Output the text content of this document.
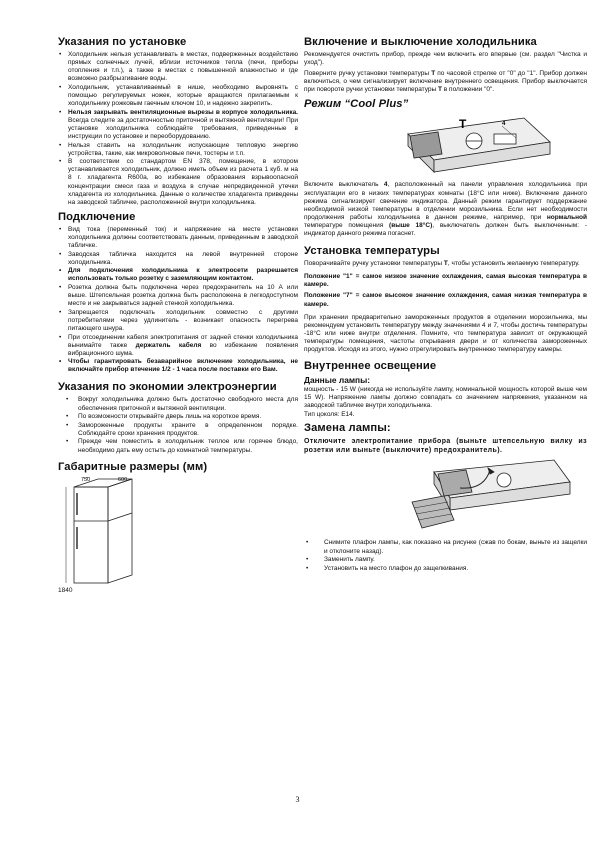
Указания по установке
• Холодильник нельзя устанавливать в местах, подверженных воздействию прямых солнечных лучей, вблизи источников тепла (печи, приборы отопления и т.п.), а также в местах с повышенной влажностью и где возможно разбрызгивание воды.
• Холодильник, устанавливаемый в нише, необходимо выровнять с помощью регулируемых ножек, которые вращаются прилагаемым к холодильнику рожковым гаечным ключом 10, и надежно закрепить.
• Нельзя закрывать вентиляционные вырезы в корпусе холодильника. Всегда следите за достаточностью приточной и вытяжной вентиляции! При установке холодильника соблюдайте требования, приведенные в инструкции по установке и переоборудованию.
• Нельзя ставить на холодильник испускающие тепловую энергию устройства, такие, как микроволновые печи, тостеры и т.п.
• В соответствии со стандартом EN 378, помещение, в котором устанавливается холодильник, должно иметь объем из расчета 1 куб. м на 8 г. хладагента R600a, во избежание образования взрывоопасной концентрации смеси газа и воздуха в случае непредвиденной утечки хладагента из холодильника. Данные о количестве хладагента приведены на заводской табличке, расположенной внутри холодильника.
Подключение
• Вид тока (переменный ток) и напряжение на месте установки холодильника должны соответствовать данным, приведенным в заводской табличке.
• Заводская табличка находится на левой внутренней стороне холодильника.
• Для подключения холодильника к электросети разрешается использовать только розетку с заземляющим контактом.
• Розетка должна быть подключена через предохранитель на 10 А или выше. Штепсельная розетка должна быть расположена в легкодоступном месте и не закрываться задней стенкой холодильника.
• Запрещается подключать холодильник совместно с другими потребителями через удлинитель - возникает опасность перегрева питающего шнура.
• При отсоединении кабеля электропитания от задней стенки холодильника вынимайте также держатель кабеля во избежание появления вибрационного шума.
• Чтобы гарантировать безаварийное включение холодильника, не включайте прибор втечение 1/2 - 1 часа после поставки его Вам.
Указания по экономии электроэнергии
• Вокруг холодильника должно быть достаточно свободного места для обеспечения приточной и вытяжной вентиляции.
• По возможности открывайте дверь лишь на короткое время.
• Замороженные продукты храните в определенном порядке. Соблюдайте сроки хранения продуктов.
• Прежде чем поместить в холодильник теплое или горячее блюдо, необходимо дать ему остыть до комнатной температуры.
Габаритные размеры (мм)
750	600
1840
Включение и выключение холодильника

Рекомендуется очистить прибор, прежде чем включить его впервые (см. раздел "Чистка и уход").

Поверните ручку установки температуры T по часовой стрелке от "0" до "1". Прибор должен включиться, о чем сигнализирует включение внутреннего освещения. Прибор выключается при повороте ручки установки температуры T в положении "0".

Режим “Cool Plus”
T	4

Включите выключатель 4, расположенный на панели управления холодильника при эксплуатации его в низких температурах комнаты (18°C или ниже). Включение данного режима сигнализирует свечение индикатора. Данный режим гарантирует поддержание необходимой низкой температуры в отделении морозильника. Если нет необходимости продолжения работы холодильника в данном режиме, например, при нормальной температуре помещения (выше 18°C), выключатель должен быть выключенным: - индикатор данного режима погаснет.

Установка температуры

Поворачивайте ручку установки температуры T, чтобы установить желаемую температуру.

Положение "1" = самое низкое значение охлаждения, самая высокая температура в камере.

Положение "7" = самое высокое значение охлаждения, самая низкая температура в камере.

При хранении предварительно замороженных продуктов в отделении морозильника, мы рекомендуем установить температуру между значениями 4 и 7, чтобы достичь температуры -18°C или ниже внутри отделения. Помните, что температура зависит от окружающей температуры помещения, частоты открывания двери и от количества замороженных продуктов. Исходя из этого, нужно отрегулировать внутреннюю температуру камеры.

Внутреннее освещение
Данные лампы:

мощность - 15 W (никогда не используйте лампу, номинальной мощность которой выше чем 15 W). Напряжение лампы должно совпадать со значением напряжения, указанном на заводской табличке внутри холодильника.

Тип цоколя: E14.

Замена лампы:

Отключите электропитание прибора (выньте штепсельную вилку из розетки или выньте (выключите) предохранитель).

• Снимите плафон лампы, как показано на рисунке (сжав по бокам, выньте из защелки и отклоните назад).
• Заменить лампу.
• Установить на место плафон до защелкивания.
3
